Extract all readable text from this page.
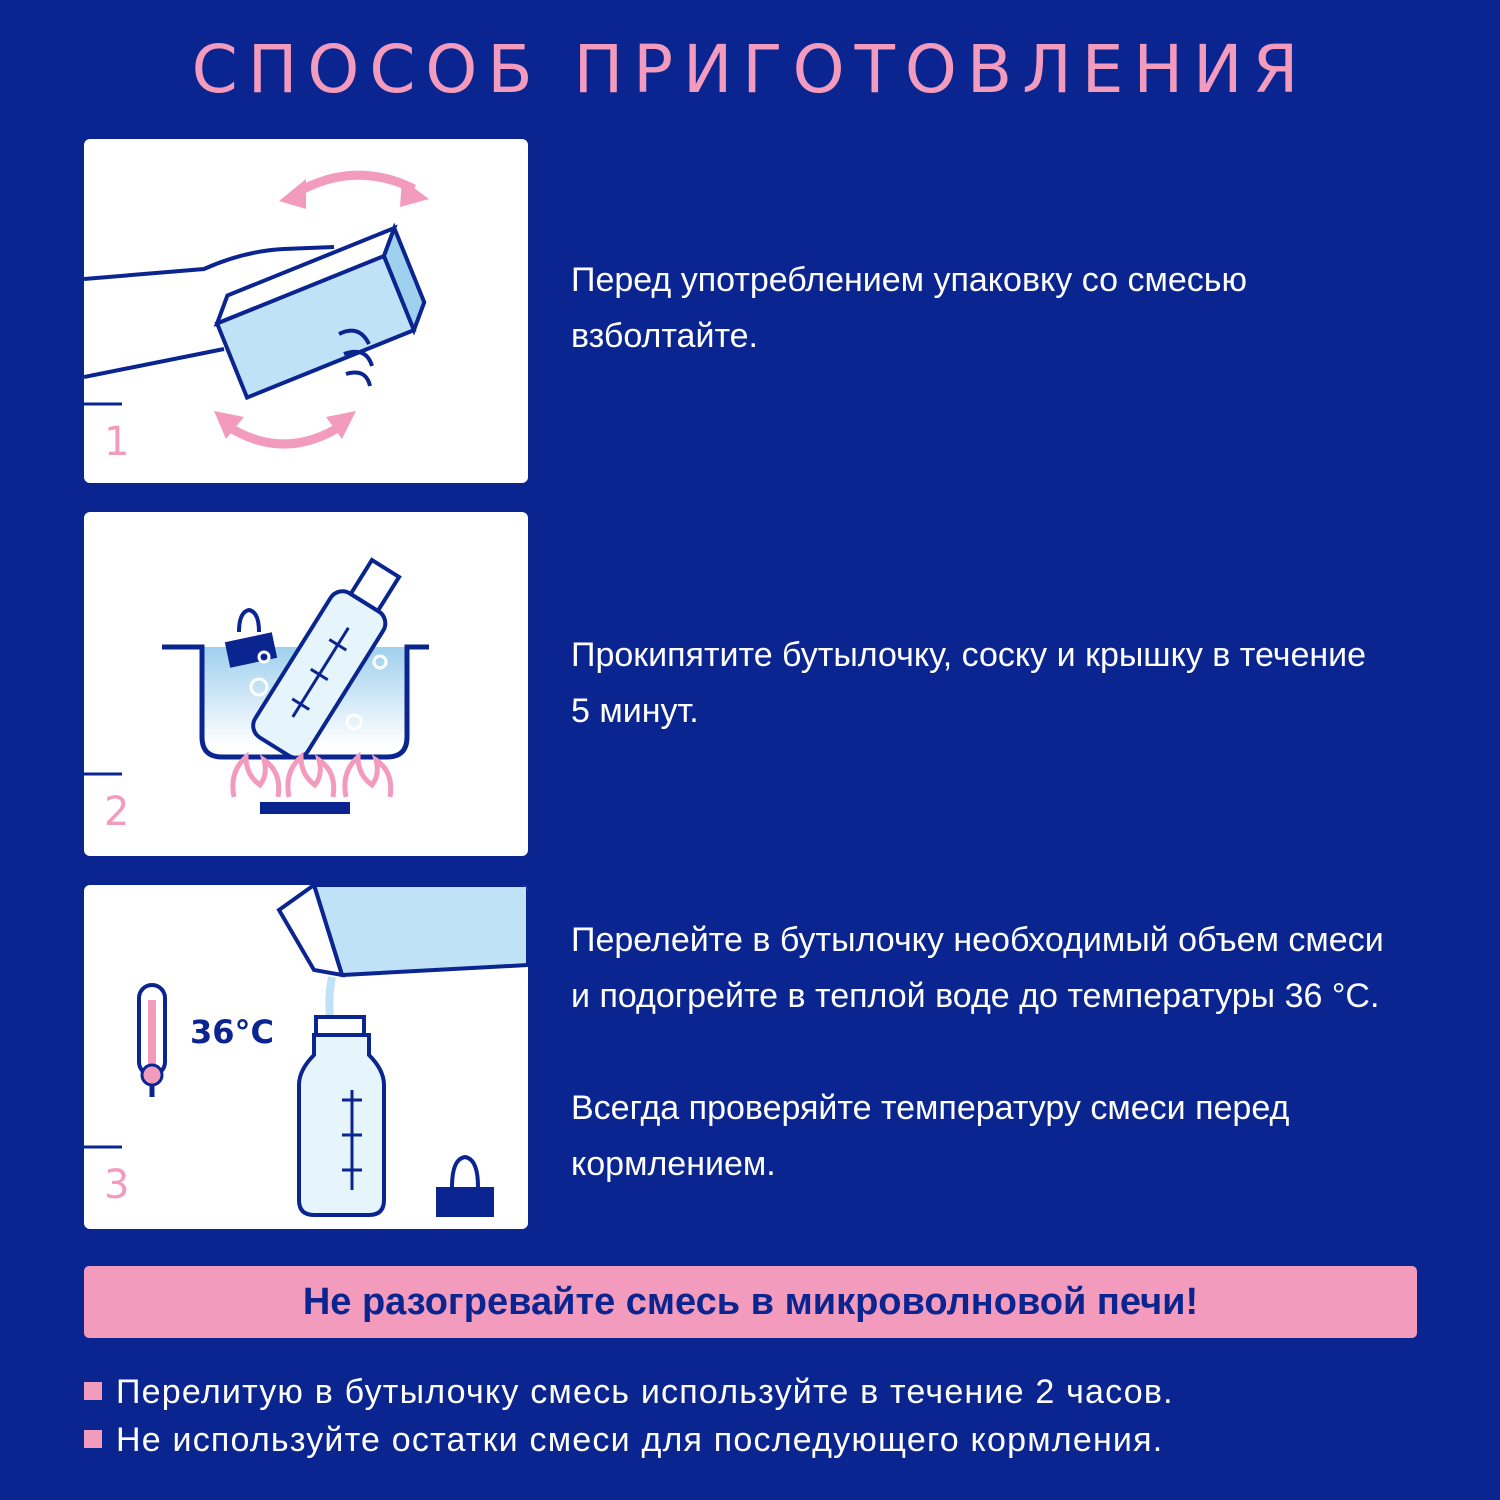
СПОСОБ ПРИГОТОВЛЕНИЯ
1

Перед употреблением упаковку со смесью

взболтайте.

2

Прокипятите бутылочку, соску и крышку в течение

5 минут.

36°C
3

Перелейте в бутылочку необходимый объем смеси

и подогрейте в теплой воде до температуры 36 °C.

Всегда проверяйте температуру смеси перед

кормлением.

Не разогревайте смесь в микроволновой печи!
Перелитую в бутылочку смесь используйте в течение 2 часов.
Не используйте остатки смеси для последующего кормления.
